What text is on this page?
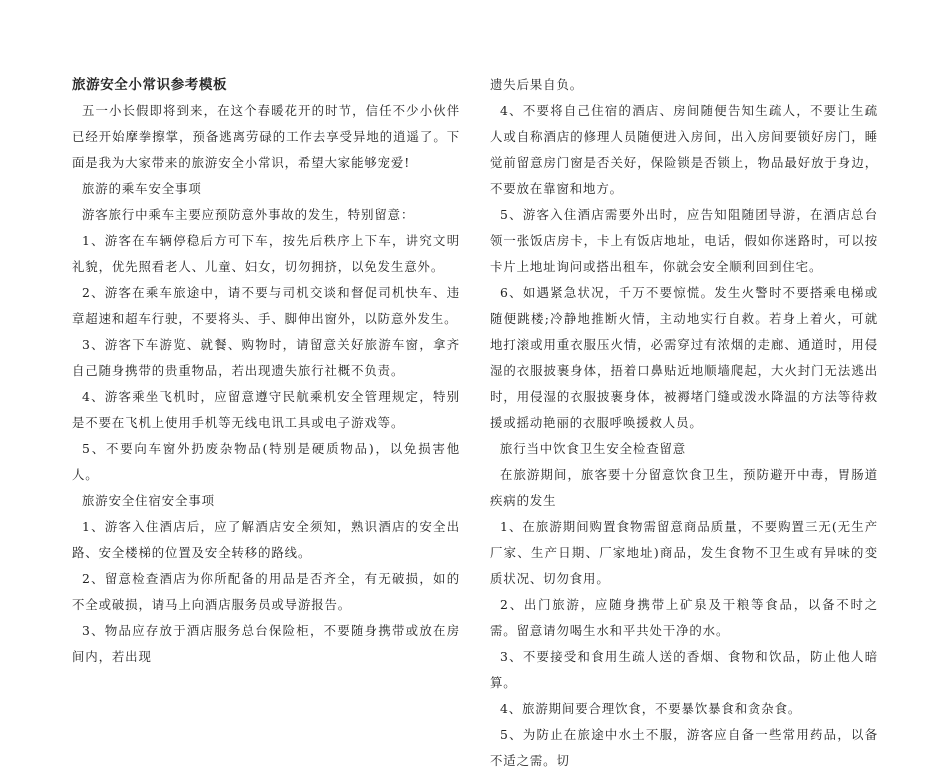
旅游安全小常识参考模板

五一小长假即将到来，在这个春暖花开的时节，信任不少小伙伴已经开始摩拳擦掌，预备逃离劳碌的工作去享受异地的逍遥了。下面是我为大家带来的旅游安全小常识，希望大家能够宠爱!

旅游的乘车安全事项

游客旅行中乘车主要应预防意外事故的发生，特别留意：

1、游客在车辆停稳后方可下车，按先后秩序上下车，讲究文明礼貌，优先照看老人、儿童、妇女，切勿拥挤，以免发生意外。

2、游客在乘车旅途中，请不要与司机交谈和督促司机快车、违章超速和超车行驶，不要将头、手、脚伸出窗外，以防意外发生。

3、游客下车游览、就餐、购物时，请留意关好旅游车窗，拿齐自己随身携带的贵重物品，若出现遗失旅行社概不负责。

4、游客乘坐飞机时，应留意遵守民航乘机安全管理规定，特别是不要在飞机上使用手机等无线电讯工具或电子游戏等。

5、不要向车窗外扔废杂物品(特别是硬质物品)，以免损害他人。

旅游安全住宿安全事项

1、游客入住酒店后，应了解酒店安全须知，熟识酒店的安全出路、安全楼梯的位置及安全转移的路线。

2、留意检查酒店为你所配备的用品是否齐全，有无破损，如的不全或破损，请马上向酒店服务员或导游报告。

3、物品应存放于酒店服务总台保险柜，不要随身携带或放在房间内，若出现

遗失后果自负。

4、不要将自己住宿的酒店、房间随便告知生疏人，不要让生疏人或自称酒店的修理人员随便进入房间，出入房间要锁好房门，睡觉前留意房门窗是否关好，保险锁是否锁上，物品最好放于身边，不要放在靠窗和地方。

5、游客入住酒店需要外出时，应告知阻随团导游，在酒店总台领一张饭店房卡，卡上有饭店地址，电话，假如你迷路时，可以按卡片上地址询问或搭出租车，你就会安全顺利回到住宅。

6、如遇紧急状况，千万不要惊慌。发生火警时不要搭乘电梯或随便跳楼;冷静地推断火情，主动地实行自救。若身上着火，可就地打滚或用重衣服压火情，必需穿过有浓烟的走廊、通道时，用侵湿的衣服披裹身体，捂着口鼻贴近地顺墙爬起，大火封门无法逃出时，用侵湿的衣服披裹身体，被褥堵门缝或泼水降温的方法等待救援或摇动艳丽的衣服呼唤援救人员。

旅行当中饮食卫生安全检查留意

在旅游期间，旅客要十分留意饮食卫生，预防避开中毒，胃肠道疾病的发生

1、在旅游期间购置食物需留意商品质量，不要购置三无(无生产厂家、生产日期、厂家地址)商品，发生食物不卫生或有异味的变质状况、切勿食用。

2、出门旅游，应随身携带上矿泉及干粮等食品，以备不时之需。留意请勿喝生水和平共处干净的水。

3、不要接受和食用生疏人送的香烟、食物和饮品，防止他人暗算。

4、旅游期间要合理饮食，不要暴饮暴食和贪杂食。

5、为防止在旅途中水土不服，游客应自备一些常用药品，以备不适之需。切
